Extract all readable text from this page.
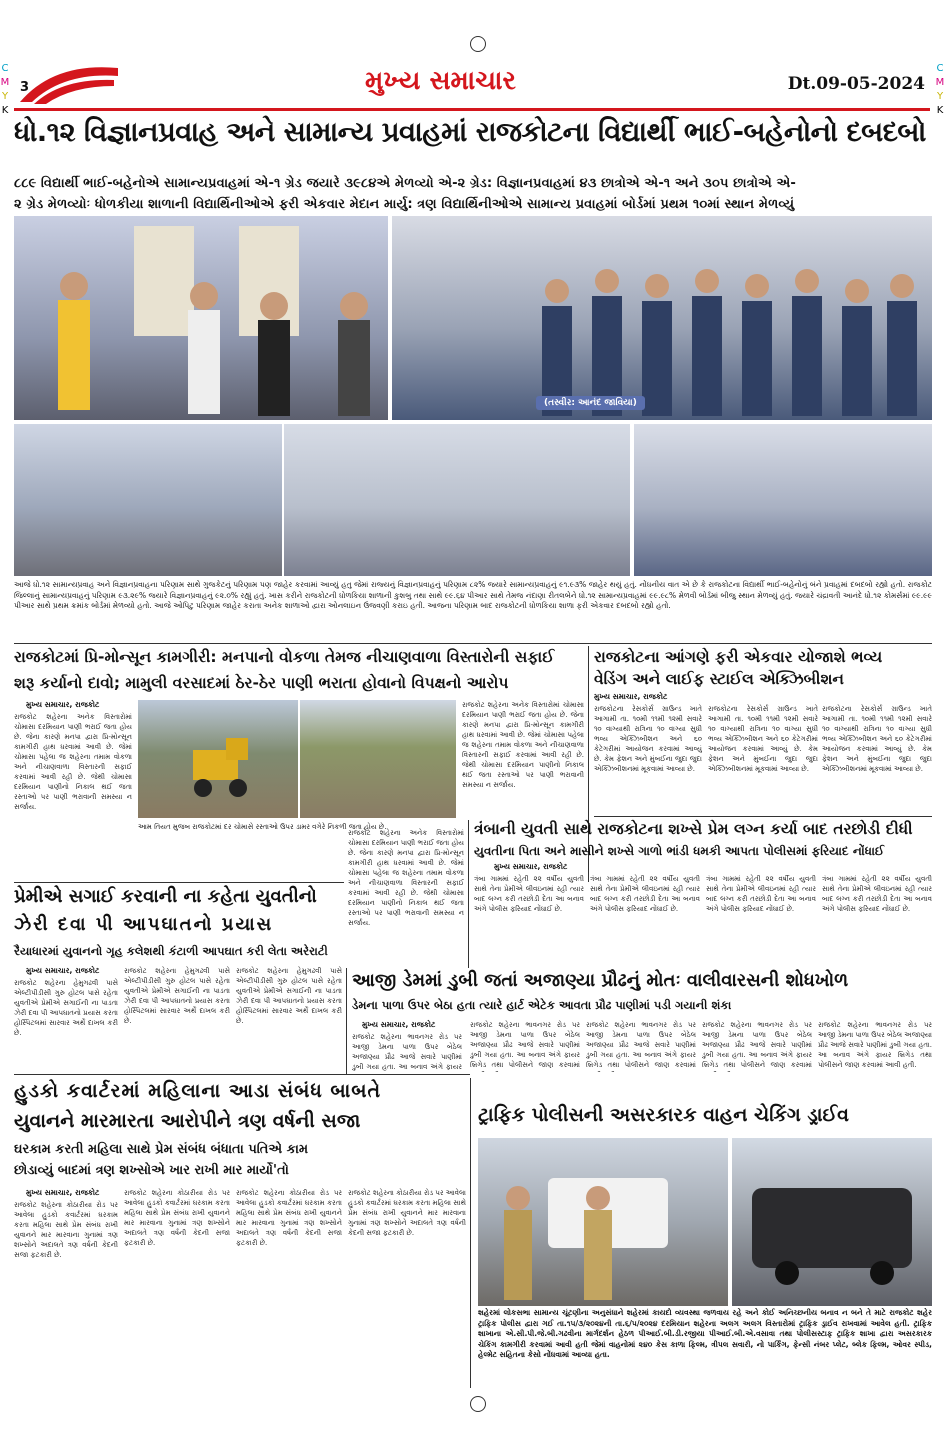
C
M
Y
K
C
M
Y
K
3	મુખ્ય સમાચાર	Dt.09-05-2024
ધો.૧૨ વિજ્ઞાનપ્રવાહ અને સામાન્ય પ્રવાહમાં રાજકોટના વિદ્યાર્થી ભાઈ-બહેનોનો દબદબો
૮૮૯ વિદ્યાર્થી ભાઈ-બહેનોએ સામાન્યપ્રવાહમાં એ-૧ ગ્રેડ જયારે ૩૯૮૪એ મેળવ્યો એ-૨ ગ્રેડ: વિજ્ઞાનપ્રવાહમાં ૪૩ છાત્રોએ એ-૧ અને ૩૦૫ છાત્રોએ એ-
૨ ગ્રેડ મેળવ્યોઃ ધોળકીયા શાળાની વિદ્યાર્થિનીઓએ ફરી એકવાર મેદાન માર્યુ: ત્રણ વિદ્યાર્થિનીઓએ સામાન્ય પ્રવાહમાં બોર્ડમાં પ્રથમ ૧૦માં સ્થાન મેળવ્યું
(તસ્વીર: આનંદ જાવિયા)
આજે ધો.૧૨ સામાન્યપ્રવાહ અને વિજ્ઞાનપ્રવાહના પરિણામ સાથે ગુજકેટનું પરિણામ પણ જાહેર કરવામાં આવ્યું હતુ જેમાં રાજ્યનું વિજ્ઞાનપ્રવાહનું પરિણામ ૮૨% જયારે સામાન્યપ્રવાહનું ૯૧.૯૩% જાહેર થયું હતું. નોંધનીય વાત એ છે કે રાજકોટના વિદ્યાર્થી ભાઈ-બહેનોનું બંને પ્રવાહમાં દબદબો રહ્યો હતો. રાજકોટ જિલ્લાનું સામાન્યપ્રવાહનું પરિણામ ૯૩.૨૯% જયારે વિજ્ઞાનપ્રવાહનું ૯૨.૦% રહ્યું હતું. ખાસ કરીને રાજકોટની ધોળકિયા શાળાની કુશબુ તથા સાથે ૯૯.૬૪ પીઆર સાથે તેમજ નંદાણા રીતલબેને ધો.૧૨ સામાન્યપ્રવાહમાં ૯૯.૯૮% મેળવી બોર્ડમાં બીજુ સ્થાન મેળવ્યું હતું. જયારે ચંદ્રાવતી આનંદે ધો.૧૨ કોમર્સમાં ૯૯.૯૯ પીઆર સાથે પ્રથમ ક્રમાંક બોર્ડમાં મેળવ્યો હતો. આજે ઓપિટુ પરિણામ જાહેર કરાતા અનેક શાળાઓ દ્વારા ઓનલાઇન ઉજવણી કરાઇ હતી. આજના પરિણામ બાદ રાજકોટની ધોળકિયા શાળા ફરી એકવાર દબદબો રહ્યો હતો.
રાજકોટમાં પ્રિ-મોન્સૂન કામગીરી: મનપાનો વોકળા તેમજ નીચાણવાળા વિસ્તારોની સફાઈ
શરૂ કર્યાનો દાવો; મામુલી વરસાદમાં ઠેર-ઠેર પાણી ભરાતા હોવાનો વિપક્ષનો આરોપ
મુખ્ય સમાચાર, રાજકોટ
રાજકોટ શહેરના અનેક વિસ્તારોમાં ચોમાસા દરમિયાન પાણી ભરાઈ જતા હોય છે. જેના કારણે મનપા દ્વારા પ્રિ-મોન્સૂન કામગીરી હાથ ધરવામાં આવી છે. જેમાં ચોમાસા પહેલા જ શહેરના તમામ વોકળા અને નીચાણવાળા વિસ્તારની સફાઈ કરવામાં આવી રહી છે. જેથી ચોમાસા દરમિયાન પાણીનો નિકાલ થઈ જતા રસ્તાઓ પર પાણી ભરાવાની સમસ્યા ન સર્જાય.
આમ તિયત મુજબ રાજકોટમાં દર ચોમાસે રસ્તાઓ ઉપર ડામર વગેરે નિકળી જતા હોય છે.
રાજકોટ શહેરના અનેક વિસ્તારોમાં ચોમાસા દરમિયાન પાણી ભરાઈ જતા હોય છે. જેના કારણે મનપા દ્વારા પ્રિ-મોન્સૂન કામગીરી હાથ ધરવામાં આવી છે. જેમાં ચોમાસા પહેલા જ શહેરના તમામ વોકળા અને નીચાણવાળા વિસ્તારની સફાઈ કરવામાં આવી રહી છે. જેથી ચોમાસા દરમિયાન પાણીનો નિકાલ થઈ જતા રસ્તાઓ પર પાણી ભરાવાની સમસ્યા ન સર્જાય.
રાજકોટના આંગણે ફરી એકવાર યોજાશે ભવ્ય
વેડિંગ અને લાઈફ સ્ટાઈલ એક્ઝિબીશન
મુખ્ય સમાચાર, રાજકોટ
રાજકોટના રેસકોર્સ ગ્રાઉન્ડ ખાતે આગામી તા. ૧૦મી ૧૧મી ૧૨મી સવારે ૧૦ વાગ્યાથી રાત્રિના ૧૦ વાગ્યા સુધી ભવ્ય એક્ઝિબીશન અને ૬૦ કેટેગરીમાં આયોજન કરવામાં આવ્યું છે. કેમ ફેશન અને મુંબઈના જુદા જુદા એક્ઝિબીશનમાં મૂકવામાં આવ્યા છે.
રાજકોટના રેસકોર્સ ગ્રાઉન્ડ ખાતે આગામી તા. ૧૦મી ૧૧મી ૧૨મી સવારે ૧૦ વાગ્યાથી રાત્રિના ૧૦ વાગ્યા સુધી ભવ્ય એક્ઝિબીશન અને ૬૦ કેટેગરીમાં આયોજન કરવામાં આવ્યું છે. કેમ ફેશન અને મુંબઈના જુદા જુદા એક્ઝિબીશનમાં મૂકવામાં આવ્યા છે.
રાજકોટના રેસકોર્સ ગ્રાઉન્ડ ખાતે આગામી તા. ૧૦મી ૧૧મી ૧૨મી સવારે ૧૦ વાગ્યાથી રાત્રિના ૧૦ વાગ્યા સુધી ભવ્ય એક્ઝિબીશન અને ૬૦ કેટેગરીમાં આયોજન કરવામાં આવ્યું છે. કેમ ફેશન અને મુંબઈના જુદા જુદા એક્ઝિબીશનમાં મૂકવામાં આવ્યા છે.
ત્રંબાની યુવતી સાથે રાજકોટના શખ્સે પ્રેમ લગ્ન કર્યા બાદ તરછોડી દીધી
યુવતીના પિતા અને માસીને શખ્સે ગાળો ભાંડી ધમકી આપતા પોલીસમાં ફરિયાદ નોંધાઈ
મુખ્ય સમાચાર, રાજકોટ
ત્રંબા ગામમાં રહેતી ૨૨ વર્ષીય યુવતી સાથે તેના પ્રેમીએ લીવઇનમાં રહી ત્યાર બાદ લગ્ન કરી તરછોડી દેતા આ બનાવ અંગે પોલીસ ફરિયાદ નોંધાઈ છે.
ત્રંબા ગામમાં રહેતી ૨૨ વર્ષીય યુવતી સાથે તેના પ્રેમીએ લીવઇનમાં રહી ત્યાર બાદ લગ્ન કરી તરછોડી દેતા આ બનાવ અંગે પોલીસ ફરિયાદ નોંધાઈ છે.
ત્રંબા ગામમાં રહેતી ૨૨ વર્ષીય યુવતી સાથે તેના પ્રેમીએ લીવઇનમાં રહી ત્યાર બાદ લગ્ન કરી તરછોડી દેતા આ બનાવ અંગે પોલીસ ફરિયાદ નોંધાઈ છે.
ત્રંબા ગામમાં રહેતી ૨૨ વર્ષીય યુવતી સાથે તેના પ્રેમીએ લીવઇનમાં રહી ત્યાર બાદ લગ્ન કરી તરછોડી દેતા આ બનાવ અંગે પોલીસ ફરિયાદ નોંધાઈ છે.
રાજકોટ શહેરના અનેક વિસ્તારોમાં ચોમાસા દરમિયાન પાણી ભરાઈ જતા હોય છે. જેના કારણે મનપા દ્વારા પ્રિ-મોન્સૂન કામગીરી હાથ ધરવામાં આવી છે. જેમાં ચોમાસા પહેલા જ શહેરના તમામ વોકળા અને નીચાણવાળા વિસ્તારની સફાઈ કરવામાં આવી રહી છે. જેથી ચોમાસા દરમિયાન પાણીનો નિકાલ થઈ જતા રસ્તાઓ પર પાણી ભરાવાની સમસ્યા ન સર્જાય.
પ્રેમીએ સગાઈ કરવાની ના કહેતા યુવતીનો
ઝેરી દવા પી આપઘાતનો પ્રયાસ
રૈયાધારમાં યુવાનનો ગૃહ કલેશથી કંટાળી આપઘાત કરી લેતા અરેરાટી
મુખ્ય સમાચાર, રાજકોટ
રાજકોટ શહેરના હેમુગઢવી પાસે એલ્ટીપીડીસી ગુરુ હોટલ પાસે રહેતા યુવતીએ પ્રેમીએ સગાઈની ના પાડતા ઝેરી દવા પી આપઘાતનો પ્રયાસ કરતા હોસ્પિટલમાં સારવાર અર્થે દાખલ કરી છે.
રાજકોટ શહેરના હેમુગઢવી પાસે એલ્ટીપીડીસી ગુરુ હોટલ પાસે રહેતા યુવતીએ પ્રેમીએ સગાઈની ના પાડતા ઝેરી દવા પી આપઘાતનો પ્રયાસ કરતા હોસ્પિટલમાં સારવાર અર્થે દાખલ કરી છે.
રાજકોટ શહેરના હેમુગઢવી પાસે એલ્ટીપીડીસી ગુરુ હોટલ પાસે રહેતા યુવતીએ પ્રેમીએ સગાઈની ના પાડતા ઝેરી દવા પી આપઘાતનો પ્રયાસ કરતા હોસ્પિટલમાં સારવાર અર્થે દાખલ કરી છે.
આજી ડેમમાં ડુબી જતાં અજાણ્યા પ્રૌઢનું મોતઃ વાલીવારસની શોધખોળ
ડેમના પાળા ઉપર બેઠા હતા ત્યારે હાર્ટ એટેક આવતા પ્રૌઢ પાણીમાં પડી ગયાની શંકા
મુખ્ય સમાચાર, રાજકોટ
રાજકોટ શહેરના ભાવનગર રોડ પર આજી ડેમના પાળા ઉપર બેઠેલ અજાણ્યા પ્રૌઢ આજે સવારે પાણીમાં ડુબી ગયા હતા. આ બનાવ અંગે ફાયર
રાજકોટ શહેરના ભાવનગર રોડ પર આજી ડેમના પાળા ઉપર બેઠેલ અજાણ્યા પ્રૌઢ આજે સવારે પાણીમાં ડુબી ગયા હતા. આ બનાવ અંગે ફાયર બ્રિગેડ તથા પોલીસને જાણ કરવામાં
રાજકોટ શહેરના ભાવનગર રોડ પર આજી ડેમના પાળા ઉપર બેઠેલ અજાણ્યા પ્રૌઢ આજે સવારે પાણીમાં ડુબી ગયા હતા. આ બનાવ અંગે ફાયર બ્રિગેડ તથા પોલીસને જાણ કરવામાં
રાજકોટ શહેરના ભાવનગર રોડ પર આજી ડેમના પાળા ઉપર બેઠેલ અજાણ્યા પ્રૌઢ આજે સવારે પાણીમાં ડુબી ગયા હતા. આ બનાવ અંગે ફાયર બ્રિગેડ તથા પોલીસને જાણ કરવામાં
રાજકોટ શહેરના ભાવનગર રોડ પર આજી ડેમના પાળા ઉપર બેઠેલ અજાણ્યા પ્રૌઢ આજે સવારે પાણીમાં ડુબી ગયા હતા. આ બનાવ અંગે ફાયર બ્રિગેડ તથા પોલીસને જાણ કરવામાં આવી હતી.
હુડકો કવાર્ટરમાં મહિલાના આડા સંબંધ બાબતે
યુવાનને મારમારતા આરોપીને ત્રણ વર્ષની સજા
ઘરકામ કરતી મહિલા સાથે પ્રેમ સંબંધ બંધાતા પતિએ કામ
છોડાવ્યું બાદમાં ત્રણ શખ્સોએ ખાર રાખી માર માર્યો'તો
મુખ્ય સમાચાર, રાજકોટ
રાજકોટ શહેરના કોઠારીયા રોડ પર આવેલા હુડકો કવાર્ટરમાં ઘરકામ કરતા મહિલા સાથે પ્રેમ સંબંધ રાખી યુવાનને માર મારવાના ગુનામાં ત્રણ શખ્સોને અદાલતે ત્રણ વર્ષની કેદની સજા ફટકારી છે.
રાજકોટ શહેરના કોઠારીયા રોડ પર આવેલા હુડકો કવાર્ટરમાં ઘરકામ કરતા મહિલા સાથે પ્રેમ સંબંધ રાખી યુવાનને માર મારવાના ગુનામાં ત્રણ શખ્સોને અદાલતે ત્રણ વર્ષની કેદની સજા ફટકારી છે.
રાજકોટ શહેરના કોઠારીયા રોડ પર આવેલા હુડકો કવાર્ટરમાં ઘરકામ કરતા મહિલા સાથે પ્રેમ સંબંધ રાખી યુવાનને માર મારવાના ગુનામાં ત્રણ શખ્સોને અદાલતે ત્રણ વર્ષની કેદની સજા ફટકારી છે.
રાજકોટ શહેરના કોઠારીયા રોડ પર આવેલા હુડકો કવાર્ટરમાં ઘરકામ કરતા મહિલા સાથે પ્રેમ સંબંધ રાખી યુવાનને માર મારવાના ગુનામાં ત્રણ શખ્સોને અદાલતે ત્રણ વર્ષની કેદની સજા ફટકારી છે.
ટ્રાફિક પોલીસની અસરકારક વાહન ચેકિંગ ડ્રાઈવ
શહેરમાં લોકસભા સામાન્ય ચૂંટણીના અનુસંધાને શહેરમાં કાયદો વ્યવસ્થા જળવાય રહે અને કોઈ અનિચ્છનીય બનાવ ન બને તે માટે રાજકોટ શહેર ટ્રાફિક પોલીસ દ્વારા ગઈ તા.૧૫/૩/૨૦૨૪ની તા.૬/૫/૨૦૨૪ દરમિયાન શહેરના અલગ અલગ વિસ્તારોમાં ટ્રાફિક ડ્રાઈવ રાખવામાં આવેલ હતી. ટ્રાફિક શાખાના એ.સી.પી.જે.બી.ગઢવીના માર્ગદર્શન હેઠળ પીઆઈ.બી.ડી.રજીયા પીઆઈ.બી.એ.વસાવા તથા પોલીસસ્ટાફ ટ્રાફિક શાખા દ્વારા અસરકારક ચેકિંગ કામગીરી કરવામાં આવી હતી જેમાં વાહનોમાં ૨૪૦ કેસ કાળા ફિલ્મ, ત્રીપલ સવારી, નો પાર્કિંગ, ફેન્સી નંબર પ્લેટ, બ્લેક ફિલ્મ, ઓવર સ્પીડ, હેલ્મેટ સહિતના કેસો નોંધવામાં આવ્યા હતા.
